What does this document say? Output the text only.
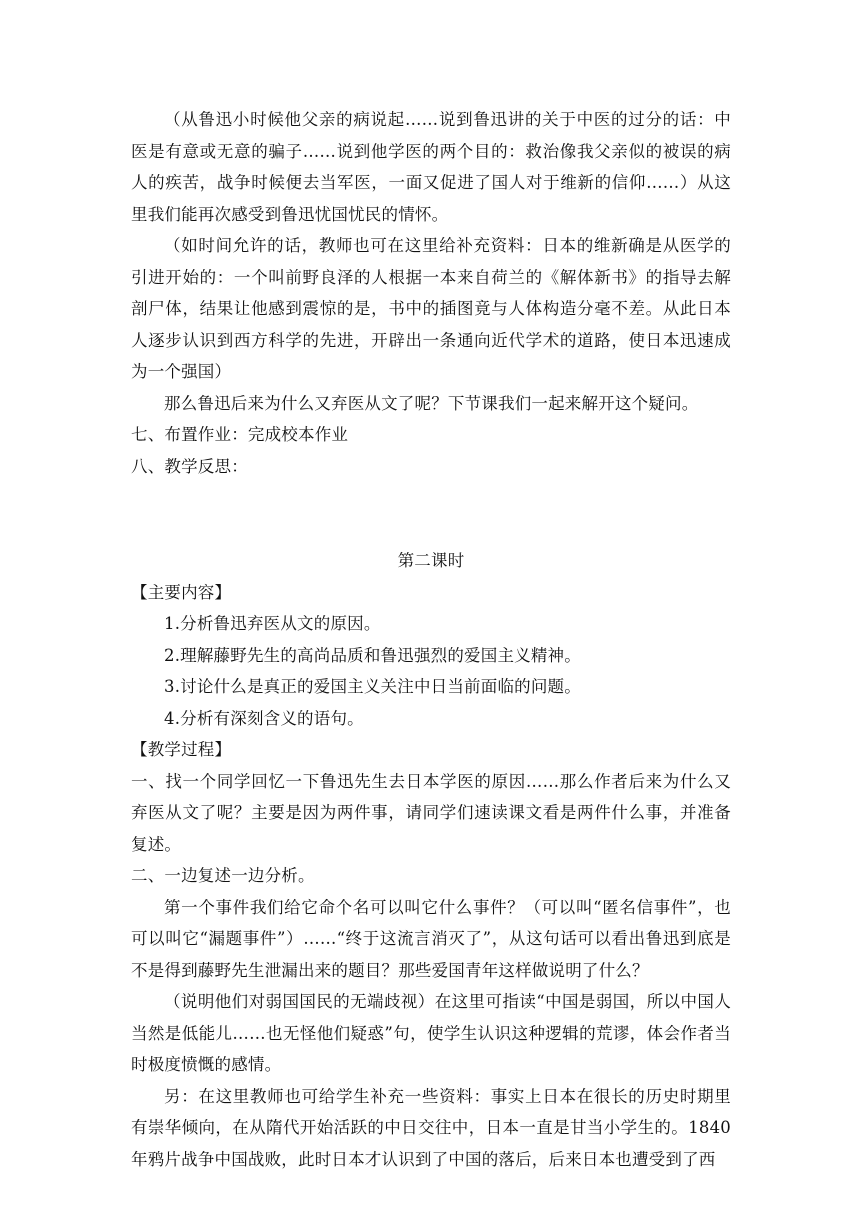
（从鲁迅小时候他父亲的病说起……说到鲁迅讲的关于中医的过分的话：中医是有意或无意的骗子……说到他学医的两个目的：救治像我父亲似的被误的病人的疾苦，战争时候便去当军医，一面又促进了国人对于维新的信仰……）从这里我们能再次感受到鲁迅忧国忧民的情怀。

（如时间允许的话，教师也可在这里给补充资料：日本的维新确是从医学的引进开始的：一个叫前野良泽的人根据一本来自荷兰的《解体新书》的指导去解剖尸体，结果让他感到震惊的是，书中的插图竟与人体构造分毫不差。从此日本人逐步认识到西方科学的先进，开辟出一条通向近代学术的道路，使日本迅速成为一个强国）

那么鲁迅后来为什么又弃医从文了呢？下节课我们一起来解开这个疑问。

七、布置作业：完成校本作业

八、教学反思：

第二课时

【主要内容】

1.分析鲁迅弃医从文的原因。

2.理解藤野先生的高尚品质和鲁迅强烈的爱国主义精神。

3.讨论什么是真正的爱国主义关注中日当前面临的问题。

4.分析有深刻含义的语句。

【教学过程】

一、找一个同学回忆一下鲁迅先生去日本学医的原因……那么作者后来为什么又弃医从文了呢？主要是因为两件事，请同学们速读课文看是两件什么事，并准备复述。

二、一边复述一边分析。

第一个事件我们给它命个名可以叫它什么事件？（可以叫“匿名信事件”，也可以叫它“漏题事件”）……“终于这流言消灭了”，从这句话可以看出鲁迅到底是不是得到藤野先生泄漏出来的题目？那些爱国青年这样做说明了什么？

（说明他们对弱国国民的无端歧视）在这里可指读“中国是弱国，所以中国人当然是低能儿……也无怪他们疑惑”句，使学生认识这种逻辑的荒谬，体会作者当时极度愤慨的感情。

另：在这里教师也可给学生补充一些资料：事实上日本在很长的历史时期里有崇华倾向，在从隋代开始活跃的中日交往中，日本一直是甘当小学生的。1840年鸦片战争中国战败，此时日本才认识到了中国的落后，后来日本也遭受到了西
